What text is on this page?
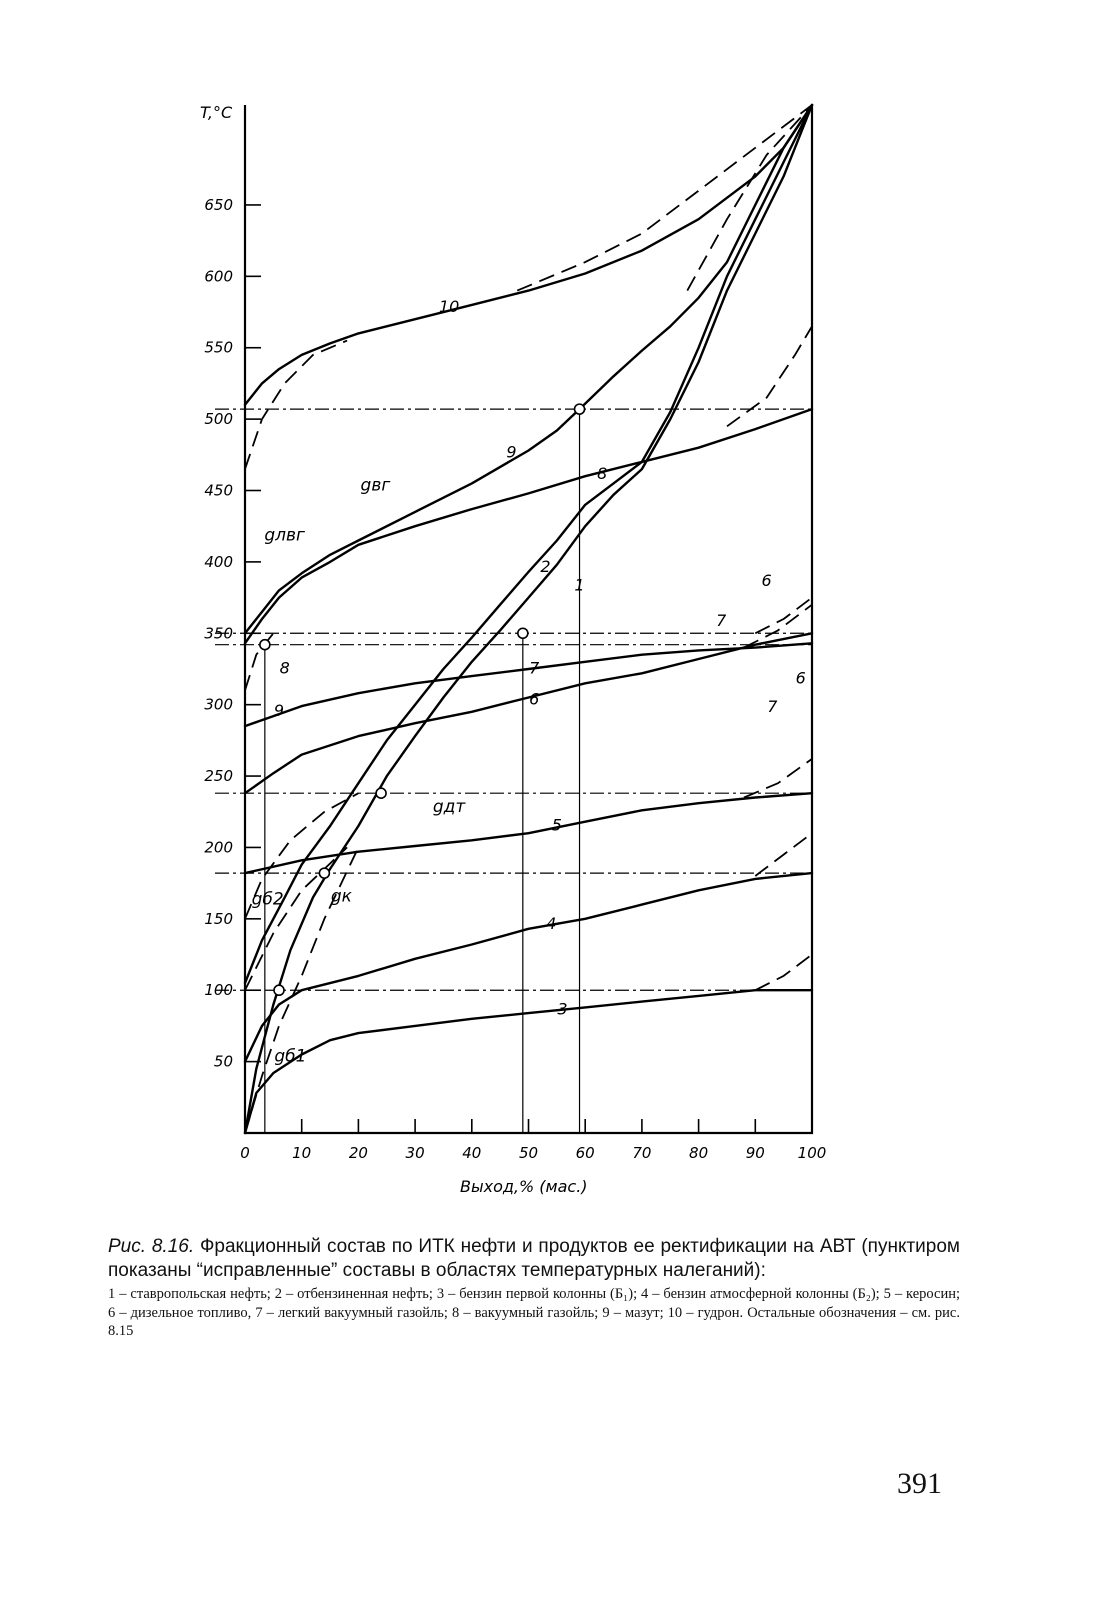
50
100
150
200
250
300
350
400
450
500
550
600
650
0	10	20	30	40	50	60	70	80	90 100
10
9
8
2
1
7
6
5
4
3
8
9
6
7
6
7
gвг
gлвг
gдт
gк
gб2
gб1
T,°C
Выход,% (мас.)
Рис. 8.16. Фракционный состав по ИТК нефти и продуктов ее ректификации на АВТ (пунктиром показаны “исправленные” составы в областях температурных налеганий):
1 – ставропольская нефть; 2 – отбензиненная нефть; 3 – бензин первой колонны (Б₁); 4 – бензин атмосферной колонны (Б₂); 5 – керосин; 6 – дизельное топливо, 7 – легкий вакуумный газойль; 8 – вакуумный газойль; 9 – мазут; 10 – гудрон. Остальные обозначения – см. рис. 8.15
391
